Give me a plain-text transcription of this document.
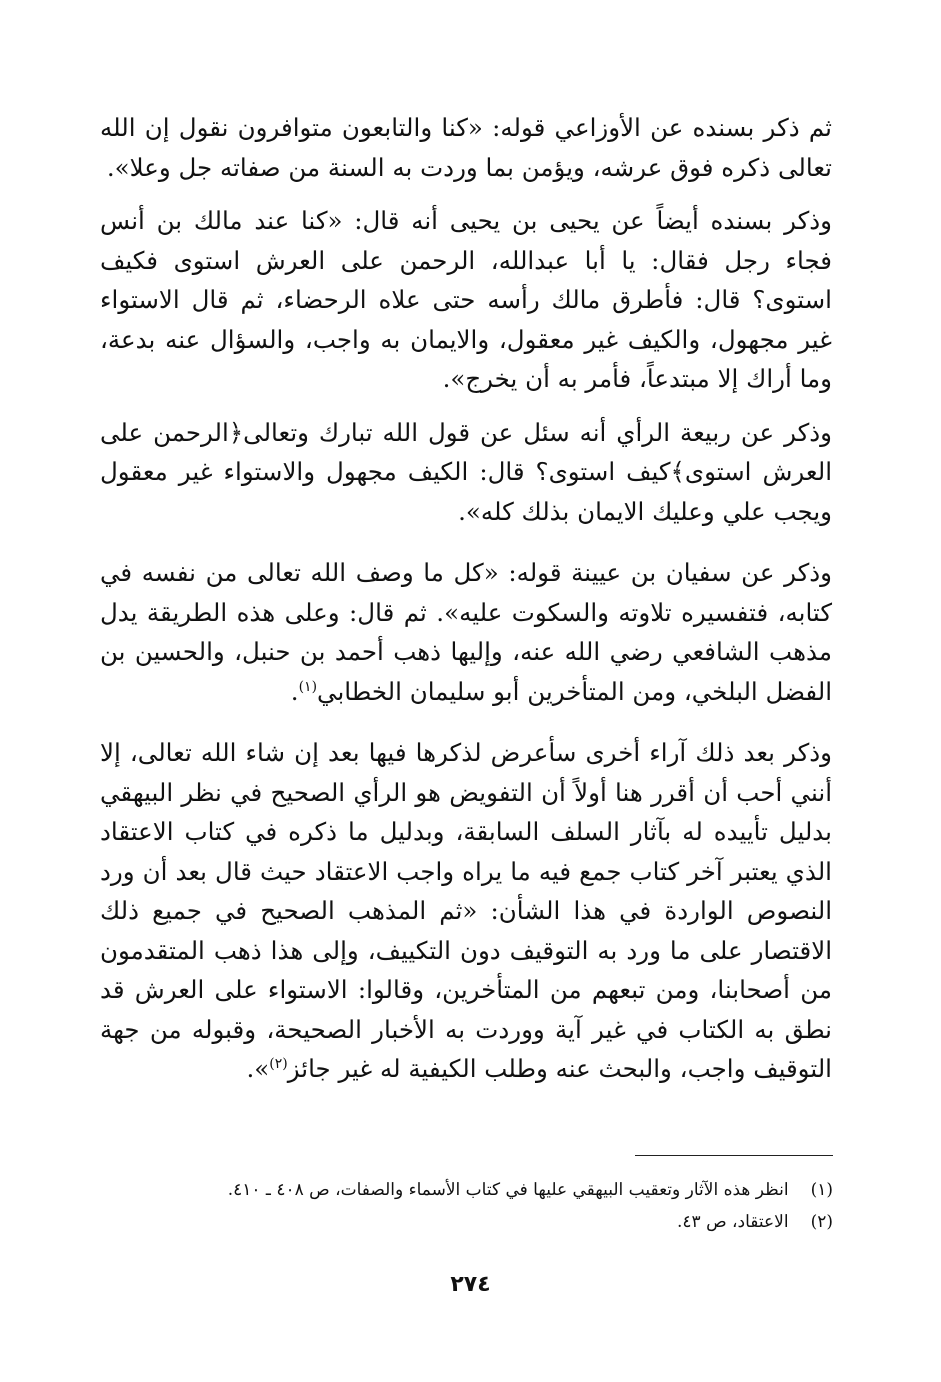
ثم ذكر بسنده عن الأوزاعي قوله: «كنا والتابعون متوافرون نقول إن الله تعالى ذكره فوق عرشه، ويؤمن بما وردت به السنة من صفاته جل وعلا».

وذكر بسنده أيضاً عن يحيى بن يحيى أنه قال: «كنا عند مالك بن أنس فجاء رجل فقال: يا أبا عبدالله، الرحمن على العرش استوى فكيف استوى؟ قال: فأطرق مالك رأسه حتى علاه الرحضاء، ثم قال الاستواء غير مجهول، والكيف غير معقول، والايمان به واجب، والسؤال عنه بدعة، وما أراك إلا مبتدعاً، فأمر به أن يخرج».

وذكر عن ربيعة الرأي أنه سئل عن قول الله تبارك وتعالى﴿الرحمن على العرش استوى﴾كيف استوى؟ قال: الكيف مجهول والاستواء غير معقول ويجب علي وعليك الايمان بذلك كله».

وذكر عن سفيان بن عيينة قوله: «كل ما وصف الله تعالى من نفسه في كتابه، فتفسيره تلاوته والسكوت عليه». ثم قال: وعلى هذه الطريقة يدل مذهب الشافعي رضي الله عنه، وإليها ذهب أحمد بن حنبل، والحسين بن الفضل البلخي، ومن المتأخرين أبو سليمان الخطابي$^{(١)}$.

وذكر بعد ذلك آراء أخرى سأعرض لذكرها فيها بعد إن شاء الله تعالى، إلا أنني أحب أن أقرر هنا أولاً أن التفويض هو الرأي الصحيح في نظر البيهقي بدليل تأييده له بآثار السلف السابقة، وبدليل ما ذكره في كتاب الاعتقاد الذي يعتبر آخر كتاب جمع فيه ما يراه واجب الاعتقاد حيث قال بعد أن ورد النصوص الواردة في هذا الشأن: «ثم المذهب الصحيح في جميع ذلك الاقتصار على ما ورد به التوقيف دون التكييف، وإلى هذا ذهب المتقدمون من أصحابنا، ومن تبعهم من المتأخرين، وقالوا: الاستواء على العرش قد نطق به الكتاب في غير آية ووردت به الأخبار الصحيحة، وقبوله من جهة التوقيف واجب، والبحث عنه وطلب الكيفية له غير جائز$^{(٢)}$».

(١)
انظر هذه الآثار وتعقيب البيهقي عليها في كتاب الأسماء والصفات، ص ٤٠٨ ـ ٤١٠.
(٢)
الاعتقاد، ص ٤٣.
٢٧٤
